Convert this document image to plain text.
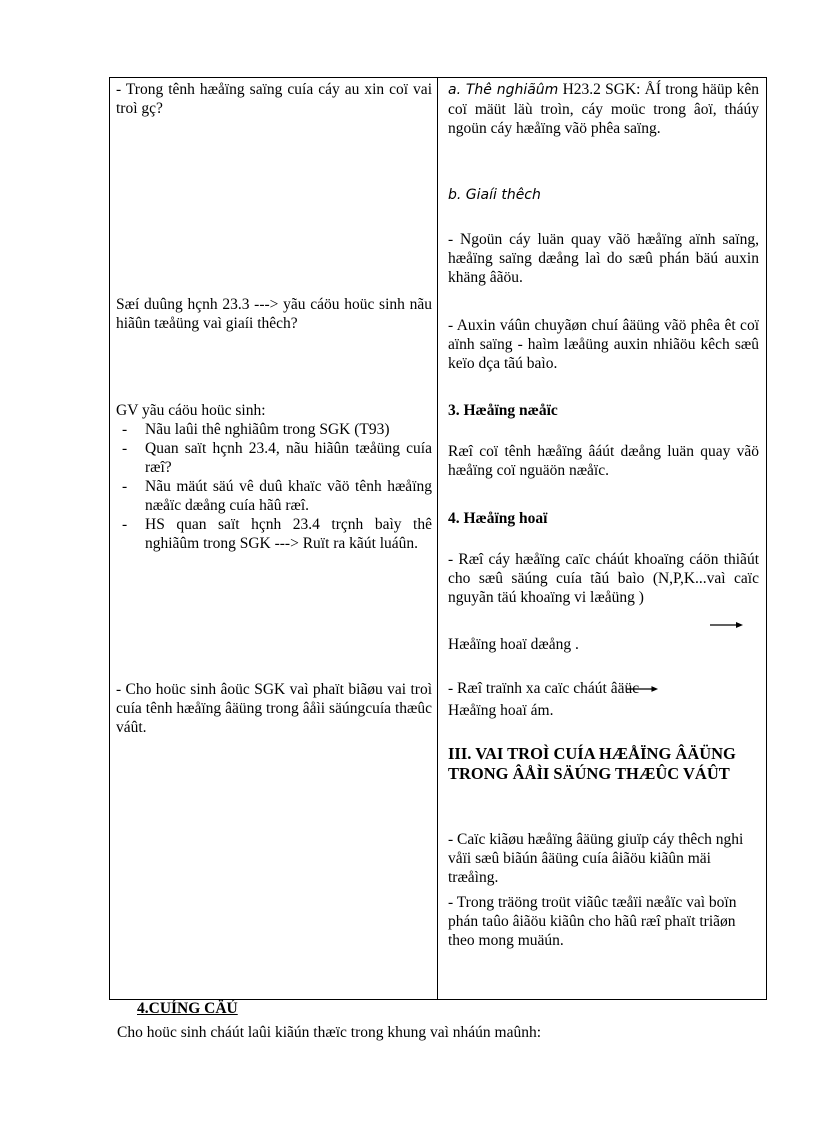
- Trong tênh hæåïng saïng cuía cáy au xin coï vai troì gç?
Sæí duûng hçnh 23.3 ---> yãu cáöu hoüc sinh nãu hiãûn tæåüng vaì giaíi thêch?
GV yãu cáöu hoüc sinh:
- Nãu laûi thê nghiãûm trong SGK (T93)
- Quan saït hçnh 23.4, nãu hiãûn tæåüng cuía ræî?
- Nãu mäút säú vê duû khaïc vãö tênh hæåïng næåïc dæång cuía hãû ræî.
- HS quan saït hçnh 23.4 trçnh baìy thê nghiãûm trong SGK ---> Ruït ra kãút luáûn.
- Cho hoüc sinh âoüc SGK vaì phaït biãøu vai troì cuía tênh hæåïng âäüng trong âåìi säúngcuía thæûc váût.

a. Thê nghiãûm H23.2 SGK: ÅÍ trong häüp kên coï mäüt läù troìn, cáy moüc trong âoï, tháúy ngoün cáy hæåïng vãö phêa saïng.
b. Giaíi thêch
- Ngoün cáy luän quay vãö hæåïng aïnh saïng, hæåïng saïng dæång laì do sæû phán bäú auxin khäng âãöu.
- Auxin váûn chuyãøn chuí âäüng vãö phêa êt coï aïnh saïng - haìm læåüng auxin nhiãöu kêch sæû keïo dça tãú baìo.
3. Hæåïng næåïc
Ræî coï tênh hæåïng âáút dæång luän quay vãö hæåïng coï nguäön næåïc.
4. Hæåïng hoaï
- Ræî cáy hæåïng caïc cháút khoaïng cáön thiãút cho sæû säúng cuía tãú baìo (N,P,K...vaì caïc nguyãn täú khoaïng vi læåüng )
Hæåïng hoaï dæång .
- Ræî traïnh xa caïc cháút âäüc
Hæåïng hoaï ám.
III. VAI TROÌ CUÍA HÆÅÏNG ÂÄÜNG TRONG ÂÅÌI SÄÚNG THÆÛC VÁÛT
- Caïc kiãøu hæåïng âäüng giuïp cáy thêch nghi våïi sæû biãún âäüng cuía âiãöu kiãûn mäi træåìng.
- Trong träöng troüt viãûc tæåïi næåïc vaì boïn phán taûo âiãöu kiãûn cho hãû ræî phaït triãøn theo mong muäún.
4.CUÍNG CÄÚ
Cho hoüc sinh cháút laûi kiãún thæïc trong khung vaì nháún maûnh:
